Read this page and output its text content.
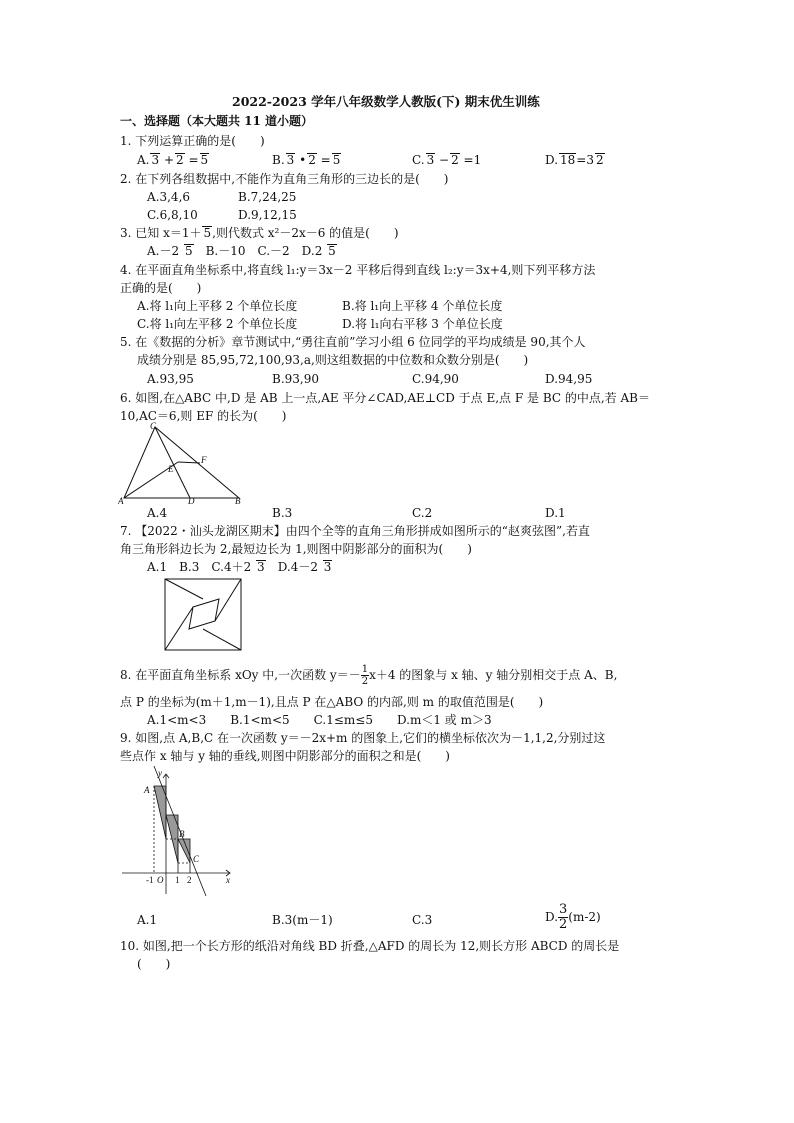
2022-2023 学年八年级数学人教版(下) 期末优生训练
一、选择题（本大题共 11 道小题）
1. 下列运算正确的是(　　)
A. 3 + 2 = 5	B. 3 • 2 = 5	C. 3 − 2 =1	D. 18=3 2
2. 在下列各组数据中,不能作为直角三角形的三边长的是(　　)
A.3,4,6	B.7,24,25
C.6,8,10	D.9,12,15
3. 已知 x＝1＋ 5,则代数式 x²－2x－6 的值是(　　)
A.－2 5　B.－10　C.－2　D.2 5
4. 在平面直角坐标系中,将直线 l₁:y＝3x－2 平移后得到直线 l₂:y＝3x+4,则下列平移方法
正确的是(　　)
A.将 l₁向上平移 2 个单位长度	B.将 l₁向上平移 4 个单位长度
C.将 l₁向左平移 2 个单位长度	D.将 l₁向右平移 3 个单位长度
5. 在《数据的分析》章节测试中,“勇往直前”学习小组 6 位同学的平均成绩是 90,其个人
成绩分别是 85,95,72,100,93,a,则这组数据的中位数和众数分别是(　　)
A.93,95	B.93,90	C.94,90	D.94,95
6. 如图,在△ABC 中,D 是 AB 上一点,AE 平分∠CAD,AE⊥CD 于点 E,点 F 是 BC 的中点,若 AB＝
10,AC＝6,则 EF 的长为(　　)
A
C
E
F
D	B
A.4	B.3	C.2	D.1
7. 【2022・汕头龙湖区期末】由四个全等的直角三角形拼成如图所示的“赵爽弦图”,若直
角三角形斜边长为 2,最短边长为 1,则图中阴影部分的面积为(　　)
A.1　B.3　C.4＋2 3　D.4－2 3
8. 在平面直角坐标系 xOy 中,一次函数 $y=- \frac{1}{2} x+4$ 的图象与 x 轴、y 轴分别相交于点 A、B,
点 P 的坐标为(m＋1,m－1),且点 P 在△ABO 的内部,则 m 的取值范围是(　　)
A.1<m<3　　B.1<m<5　　C.1≤m≤5　　D.m＜1 或 m＞3
9. 如图,点 A,B,C 在一次函数 y＝－2x+m 的图象上,它们的横坐标依次为－1,1,2,分别过这
些点作 x 轴与 y 轴的垂线,则图中阴影部分的面积之和是(　　)
y
A
B
C
-1 O 1 2	x
A.1	B.3(m－1)	C.3	D. $\frac{3}{2} (m-2)$
10. 如图,把一个长方形的纸沿对角线 BD 折叠,△AFD 的周长为 12,则长方形 ABCD 的周长是
(　　)
